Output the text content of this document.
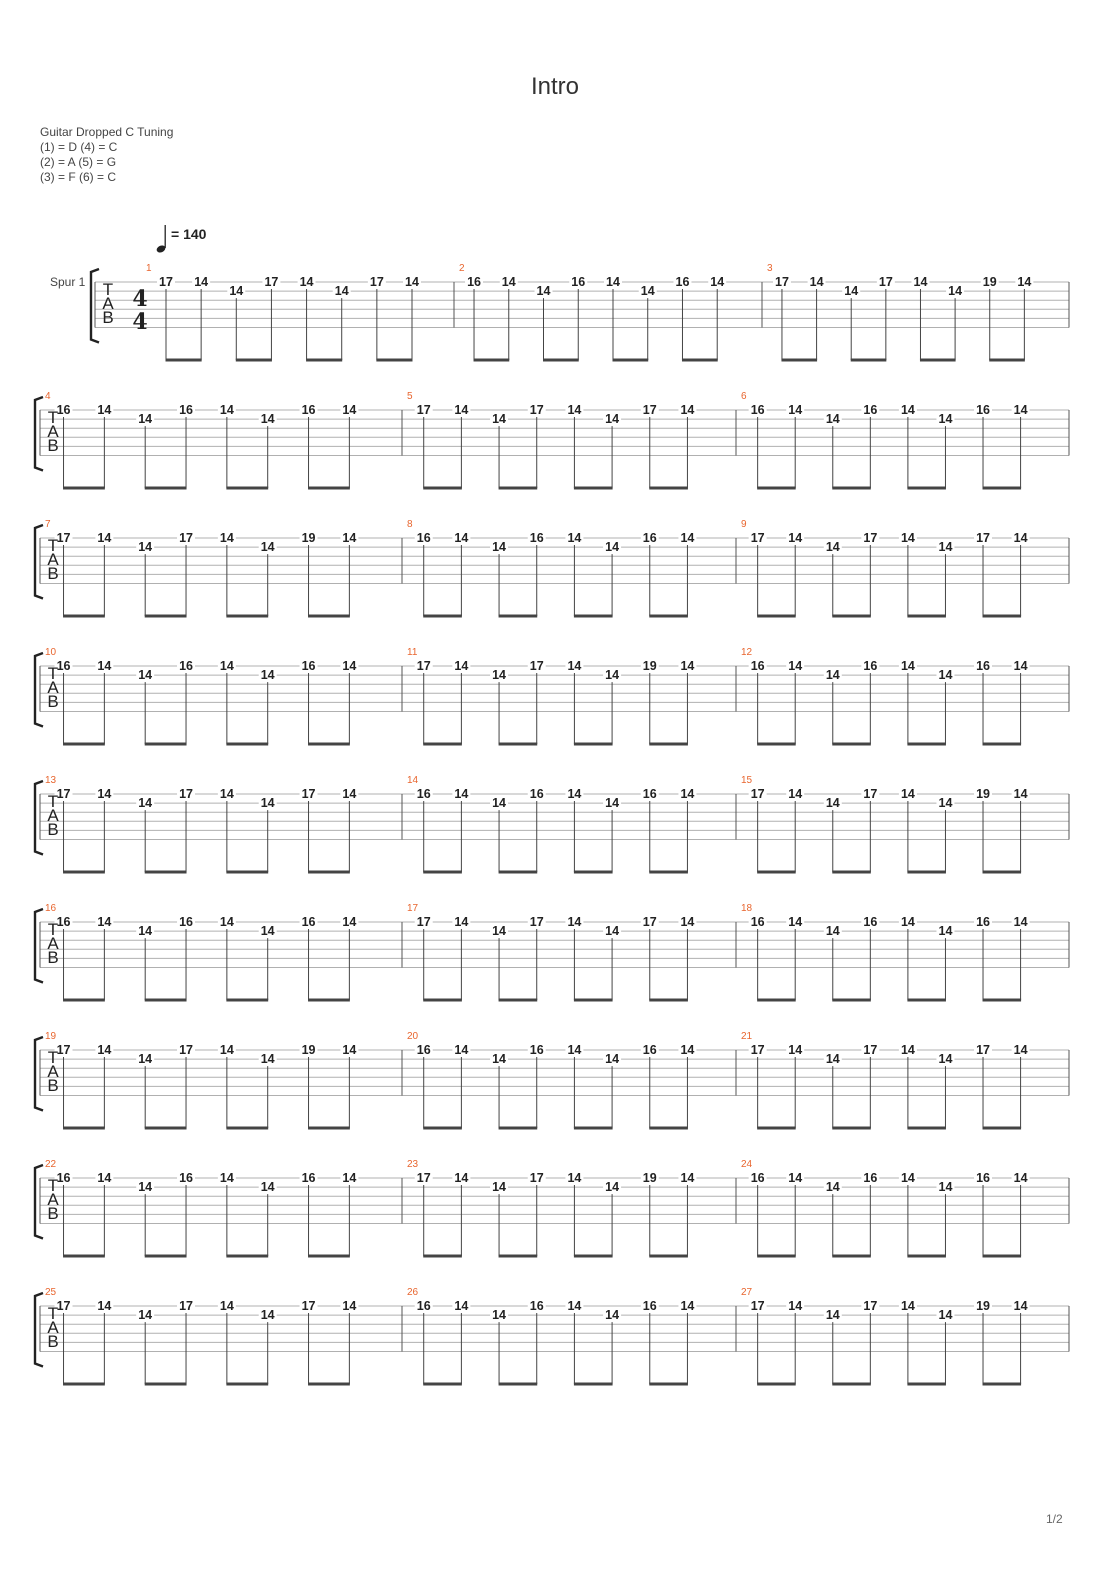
Intro
Guitar Dropped C Tuning
(1) = D (4) = C
(2) = A (5) = G
(3) = F (6) = C
= 140
Spur 1
1/2
T
A
B
4
4
1
17 14
14
17 14
14
17 14
2
16 14
14
16 14
14
16 14
3
17 14
14
17 14
14
19 14
T
A
B
4
16 14
14
16 14
14
16 14
5
17 14
14
17 14
14
17 14
6
16 14
14
16 14
14
16 14
T
A
B
7
17 14
14
17 14
14
19 14
8
16 14
14
16 14
14
16 14
9
17 14
14
17 14
14
17 14
T
A
B
10
16 14
14
16 14
14
16 14
11
17 14
14
17 14
14
19 14
12
16 14
14
16 14
14
16 14
T
A
B
13
17 14
14
17 14
14
17 14
14
16 14
14
16 14
14
16 14
15
17 14
14
17 14
14
19 14
T
A
B
16
16 14
14
16 14
14
16 14
17
17 14
14
17 14
14
17 14
18
16 14
14
16 14
14
16 14
T
A
B
19
17 14
14
17 14
14
19 14
20
16 14
14
16 14
14
16 14
21
17 14
14
17 14
14
17 14
T
A
B
22
16 14
14
16 14
14
16 14
23
17 14
14
17 14
14
19 14
24
16 14
14
16 14
14
16 14
T
A
B
25
17 14
14
17 14
14
17 14
26
16 14
14
16 14
14
16 14
27
17 14
14
17 14
14
19 14
